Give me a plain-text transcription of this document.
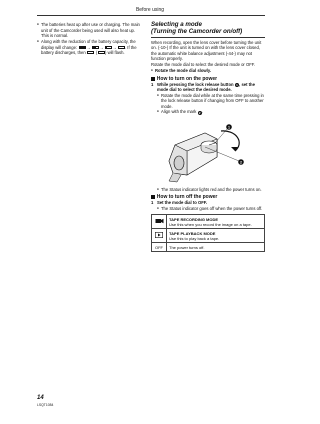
Before using
● The batteries heat up after use or charging. The main unit of the Camcorder being used will also heat up. This is normal.
● Along with the reduction of the battery capacity, the display will change: → → → . If the battery discharges, then  ( ) will flash.
Selecting a mode
(Turning the Camcorder on/off)
When recording, open the lens cover before turning the unit on. (-10-) If the unit is turned on with the lens cover closed, the automatic white balance adjustment (-44-) may not function properly.
Rotate the mode dial to select the desired mode or OFF.
● Rotate the mode dial slowly.
How to turn on the power
1 While pressing the lock release button 1, set the mode dial to select the desired mode.
● Rotate the mode dial while at the same time pressing in the lock release button if changing from OFF to another mode.
● Align with the mark 2.
1
2
● The Status indicator lights red and the power turns on.
How to turn off the power
1 Set the mode dial to OFF.
● The Status indicator goes off when the power turns off.

TAPE RECORDING MODE
Use this when you record the image on a tape.

TAPE PLAYBACK MODE
Use this to play back a tape.

OFF	The power turns off.
14
LSQT1084
